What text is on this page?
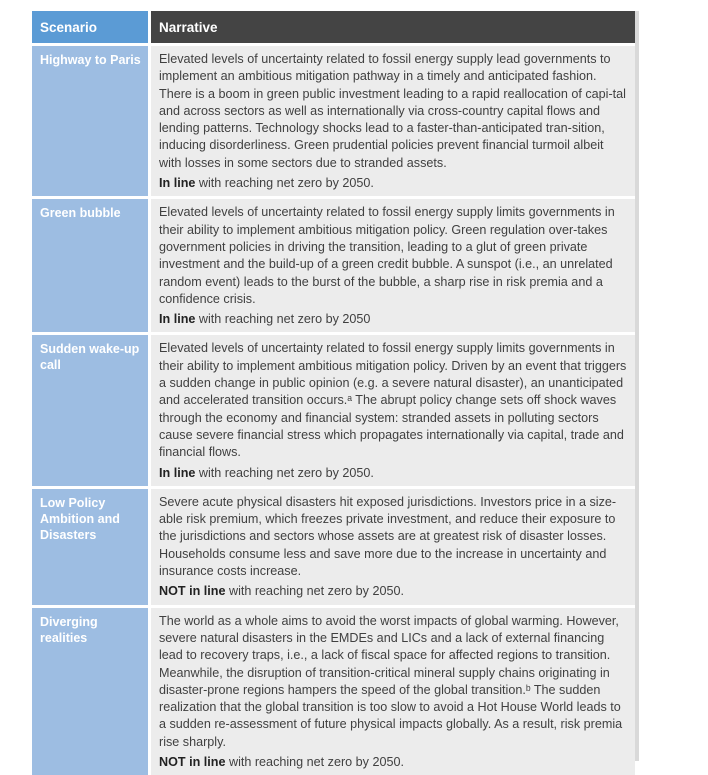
Scenario	Narrative
Highway to Paris	Elevated levels of uncertainty related to fossil energy supply lead governments to implement an ambitious mitigation pathway in a timely and anticipated fashion. There is a boom in green public investment leading to a rapid reallocation of capi-tal and across sectors as well as internationally via cross-country capital flows and lending patterns. Technology shocks lead to a faster-than-anticipated tran-sition, inducing disorderliness. Green prudential policies prevent financial turmoil albeit with losses in some sectors due to stranded assets.
In line with reaching net zero by 2050.

Green bubble	Elevated levels of uncertainty related to fossil energy supply limits governments in their ability to implement ambitious mitigation policy. Green regulation over-takes government policies in driving the transition, leading to a glut of green private investment and the build-up of a green credit bubble. A sunspot (i.e., an unrelated random event) leads to the burst of the bubble, a sharp rise in risk premia and a confidence crisis.
In line with reaching net zero by 2050

Sudden wake-up call	Elevated levels of uncertainty related to fossil energy supply limits governments in their ability to implement ambitious mitigation policy. Driven by an event that triggers a sudden change in public opinion (e.g. a severe natural disaster), an unanticipated and accelerated transition occurs.ᵃ The abrupt policy change sets off shock waves through the economy and financial system: stranded assets in polluting sectors cause severe financial stress which propagates internationally via capital, trade and financial flows.
In line with reaching net zero by 2050.

Low Policy Ambition and Disasters	Severe acute physical disasters hit exposed jurisdictions. Investors price in a size-able risk premium, which freezes private investment, and reduce their exposure to the jurisdictions and sectors whose assets are at greatest risk of disaster losses. Households consume less and save more due to the increase in uncertainty and insurance costs increase.
NOT in line with reaching net zero by 2050.

Diverging realities	The world as a whole aims to avoid the worst impacts of global warming. However, severe natural disasters in the EMDEs and LICs and a lack of external financing lead to recovery traps, i.e., a lack of fiscal space for affected regions to transition. Meanwhile, the disruption of transition-critical mineral supply chains originating in disaster-prone regions hampers the speed of the global transition.ᵇ The sudden realization that the global transition is too slow to avoid a Hot House World leads to a sudden re-assessment of future physical impacts globally. As a result, risk premia rise sharply.
NOT in line with reaching net zero by 2050.
